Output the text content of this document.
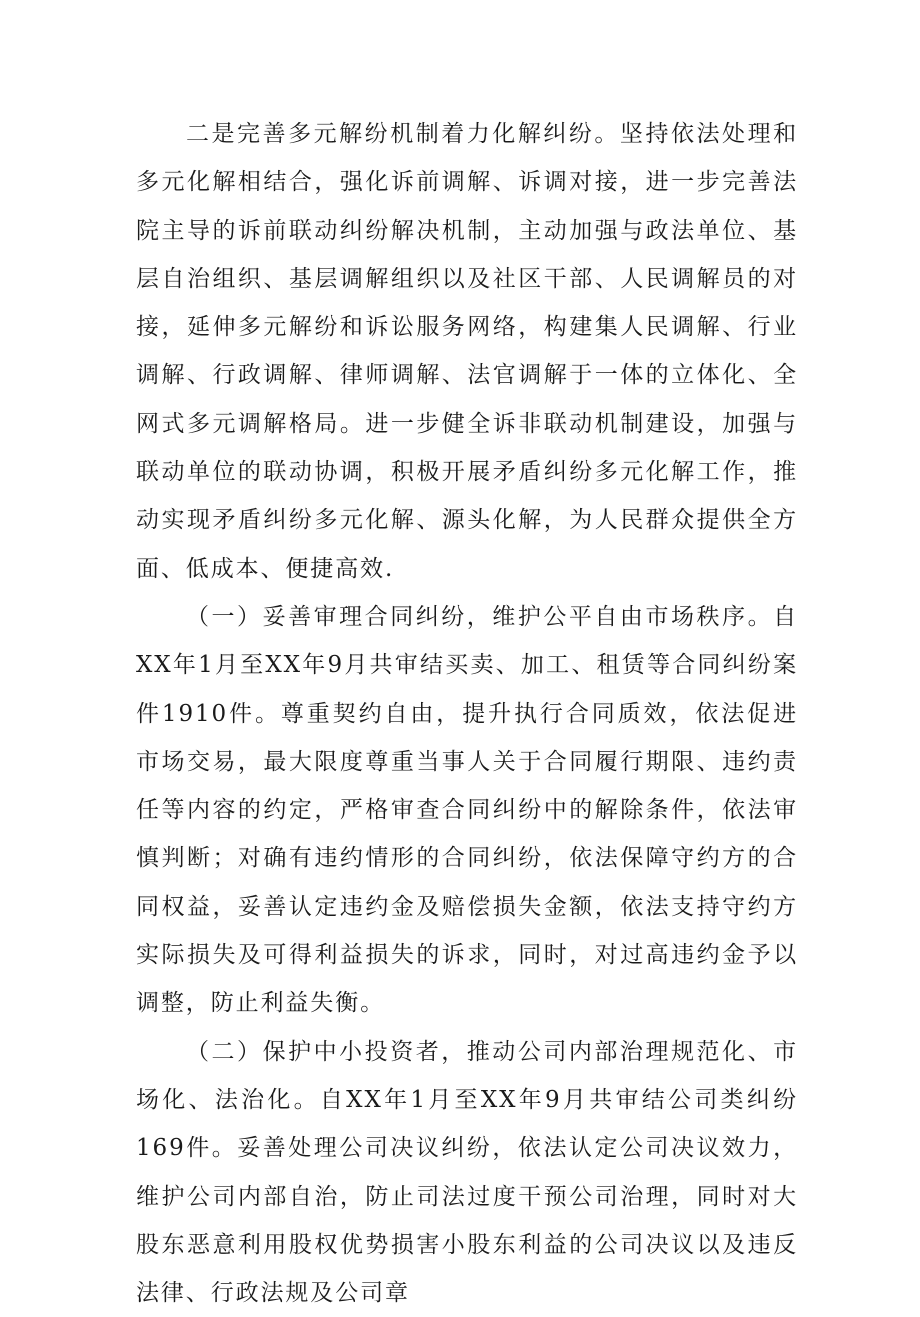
二是完善多元解纷机制着力化解纠纷。坚持依法处理和多元化解相结合，强化诉前调解、诉调对接，进一步完善法院主导的诉前联动纠纷解决机制，主动加强与政法单位、基层自治组织、基层调解组织以及社区干部、人民调解员的对接，延伸多元解纷和诉讼服务网络，构建集人民调解、行业调解、行政调解、律师调解、法官调解于一体的立体化、全网式多元调解格局。进一步健全诉非联动机制建设，加强与联动单位的联动协调，积极开展矛盾纠纷多元化解工作，推动实现矛盾纠纷多元化解、源头化解，为人民群众提供全方面、低成本、便捷高效.

（一）妥善审理合同纠纷，维护公平自由市场秩序。自XX年1月至XX年9月共审结买卖、加工、租赁等合同纠纷案件1910件。尊重契约自由，提升执行合同质效，依法促进市场交易，最大限度尊重当事人关于合同履行期限、违约责任等内容的约定，严格审查合同纠纷中的解除条件，依法审慎判断；对确有违约情形的合同纠纷，依法保障守约方的合同权益，妥善认定违约金及赔偿损失金额，依法支持守约方实际损失及可得利益损失的诉求，同时，对过高违约金予以调整，防止利益失衡。

（二）保护中小投资者，推动公司内部治理规范化、市场化、法治化。自XX年1月至XX年9月共审结公司类纠纷169件。妥善处理公司决议纠纷，依法认定公司决议效力，维护公司内部自治，防止司法过度干预公司治理，同时对大股东恶意利用股权优势损害小股东利益的公司决议以及违反法律、行政法规及公司章
